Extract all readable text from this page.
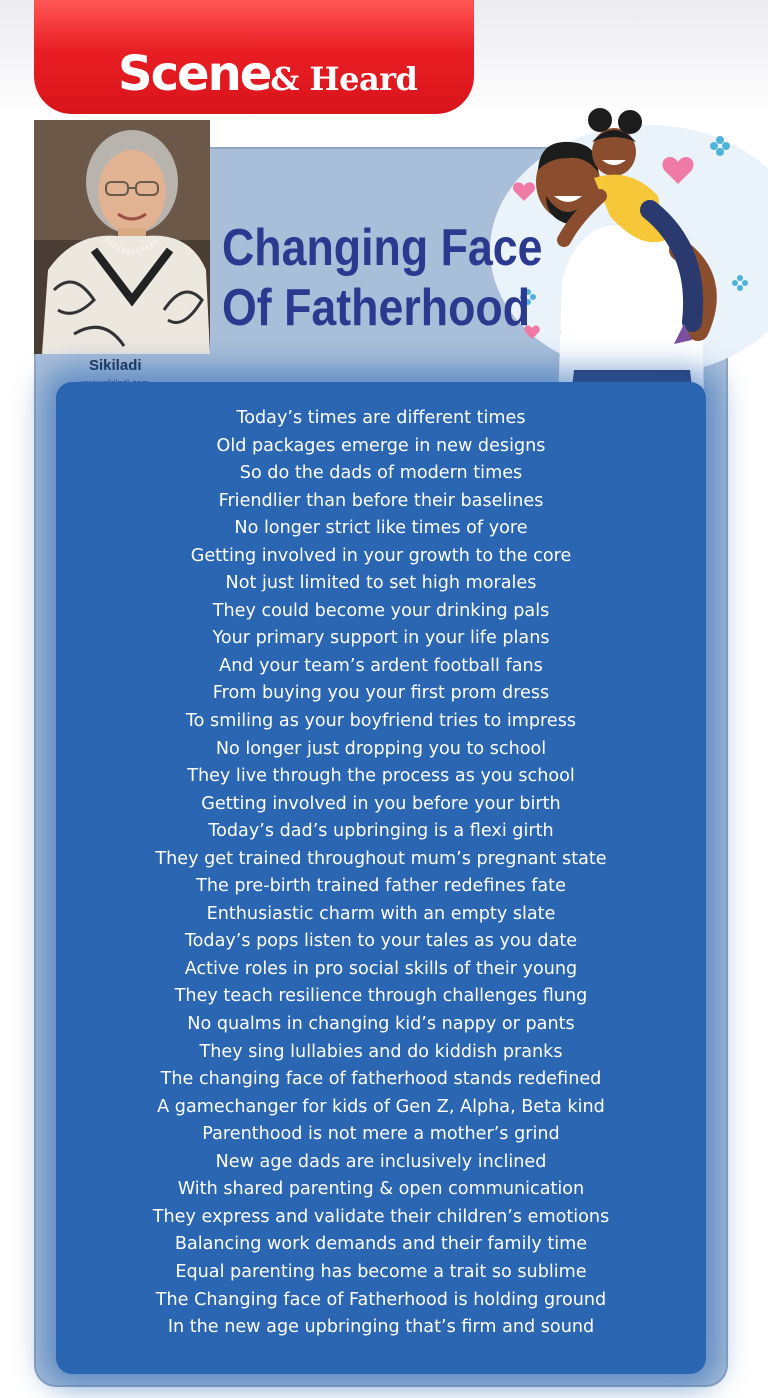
Scene& Heard
Sikiladi
Changing Face
Of Fatherhood
Today’s times are different times
Old packages emerge in new designs
So do the dads of modern times
Friendlier than before their baselines
No longer strict like times of yore
Getting involved in your growth to the core
Not just limited to set high morales
They could become your drinking pals
Your primary support in your life plans
And your team’s ardent football fans
From buying you your first prom dress
To smiling as your boyfriend tries to impress
No longer just dropping you to school
They live through the process as you school
Getting involved in you before your birth
Today’s dad’s upbringing is a flexi girth
They get trained throughout mum’s pregnant state
The pre-birth trained father redefines fate
Enthusiastic charm with an empty slate
Today’s pops listen to your tales as you date
Active roles in pro social skills of their young
They teach resilience through challenges flung
No qualms in changing kid’s nappy or pants
They sing lullabies and do kiddish pranks
The changing face of fatherhood stands redefined
A gamechanger for kids of Gen Z, Alpha, Beta kind
Parenthood is not mere a mother’s grind
New age dads are inclusively inclined
With shared parenting & open communication
They express and validate their children’s emotions
Balancing work demands and their family time
Equal parenting has become a trait so sublime
The Changing face of Fatherhood is holding ground
In the new age upbringing that’s firm and sound
